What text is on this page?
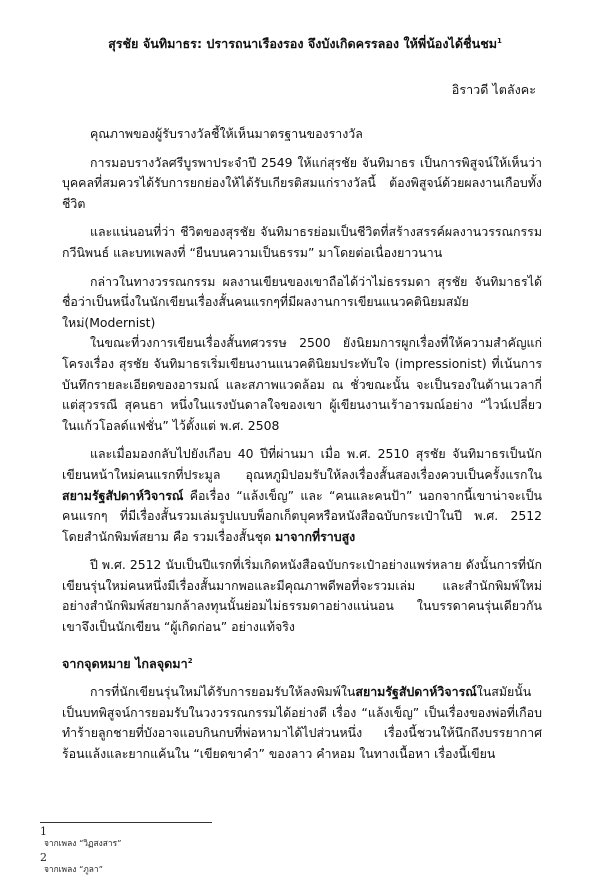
สุรชัย จันทิมาธร: ปรารถนาเรืองรอง จึงบังเกิดครรลอง ให้พี่น้องได้ชื่นชม$^1$
อิราวดี ไตลังคะ

คุณภาพของผู้รับรางวัลชี้ให้เห็นมาตรฐานของรางวัล

การมอบรางวัลศรีบูรพาประจำปี 2549 ให้แก่สุรชัย จันทิมาธร เป็นการพิสูจน์ให้เห็นว่าบุคคลที่สมควรได้รับการยกย่องให้ได้รับเกียรติสมแก่รางวัลนี้ ต้องพิสูจน์ด้วยผลงานเกือบทั้งชีวิต

และแน่นอนที่ว่า ชีวิตของสุรชัย จันทิมาธรย่อมเป็นชีวิตที่สร้างสรรค์ผลงานวรรณกรรม กวีนิพนธ์ และบทเพลงที่ “ยืนบนความเป็นธรรม” มาโดยต่อเนื่องยาวนาน

กล่าวในทางวรรณกรรม ผลงานเขียนของเขาถือได้ว่าไม่ธรรมดา สุรชัย จันทิมาธรได้ชื่อว่าเป็นหนึ่งในนักเขียนเรื่องสั้นคนแรกๆที่มีผลงานการเขียนแนวคตินิยมสมัยใหม่(Modernist)

ในขณะที่วงการเขียนเรื่องสั้นทศวรรษ 2500 ยังนิยมการผูกเรื่องที่ให้ความสำคัญแก่โครงเรื่อง สุรชัย จันทิมาธรเริ่มเขียนงานแนวคตินิยมประทับใจ (impressionist) ที่เน้นการบันทึกรายละเอียดของอารมณ์ และสภาพแวดล้อม ณ ชั่วขณะนั้น จะเป็นรองในด้านเวลากี่แต่สุวรรณี สุคนธา หนึ่งในแรงบันดาลใจของเขา ผู้เขียนงานเร้าอารมณ์อย่าง “ไวน์เปลี่ยวในแก้วโอลด์แฟชั่น” ไว้ตั้งแต่ พ.ศ. 2508

และเมื่อมองกลับไปยังเกือบ 40 ปีที่ผ่านมา เมื่อ พ.ศ. 2510 สุรชัย จันทิมาธรเป็นนักเขียนหน้าใหม่คนแรกที่ประมูล อุณหภูมิปอมรับให้ลงเรื่องสั้นสองเรื่องควบเป็นครั้งแรกใน สยามรัฐสัปดาห์วิจารณ์ คือเรื่อง “แล้งเข็ญ” และ “คนและคนป้า” นอกจากนี้เขาน่าจะเป็นคนแรกๆ ที่มีเรื่องสั้นรวมเล่มรูปแบบพ็อกเก็ตบุคหรือหนังสือฉบับกระเป๋าในปี พ.ศ. 2512 โดยสำนักพิมพ์สยาม คือ รวมเรื่องสั้นชุด มาจากที่ราบสูง

ปี พ.ศ. 2512 นับเป็นปีแรกที่เริ่มเกิดหนังสือฉบับกระเป๋าอย่างแพร่หลาย ดังนั้นการที่นักเขียนรุ่นใหม่คนหนึ่งมีเรื่องสั้นมากพอและมีคุณภาพดีพอที่จะรวมเล่ม และสำนักพิมพ์ใหม่อย่างสำนักพิมพ์สยามกล้าลงทุนนั้นย่อมไม่ธรรมดาอย่างแน่นอน ในบรรดาคนรุ่นเดียวกัน เขาจึงเป็นนักเขียน “ผู้เกิดก่อน” อย่างแท้จริง

จากจุดหมาย ไกลจุดมา$^2$

การที่นักเขียนรุ่นใหม่ได้รับการยอมรับให้ลงพิมพ์ในสยามรัฐสัปดาห์วิจารณ์ในสมัยนั้นเป็นบทพิสูจน์การยอมรับในวงวรรณกรรมได้อย่างดี เรื่อง “แล้งเข็ญ” เป็นเรื่องของพ่อที่เกือบทำร้ายลูกชายที่บังอาจแอบกินกบที่พ่อหามาได้ไปส่วนหนึ่ง เรื่องนี้ชวนให้นึกถึงบรรยากาศร้อนแล้งและยากแค้นใน “เขียดขาคำ” ของลาว คำหอม ในทางเนื้อหา เรื่องนี้เขียน

1
จากเพลง “วิฏสงสาร”
2
จากเพลง “ภูลา”
